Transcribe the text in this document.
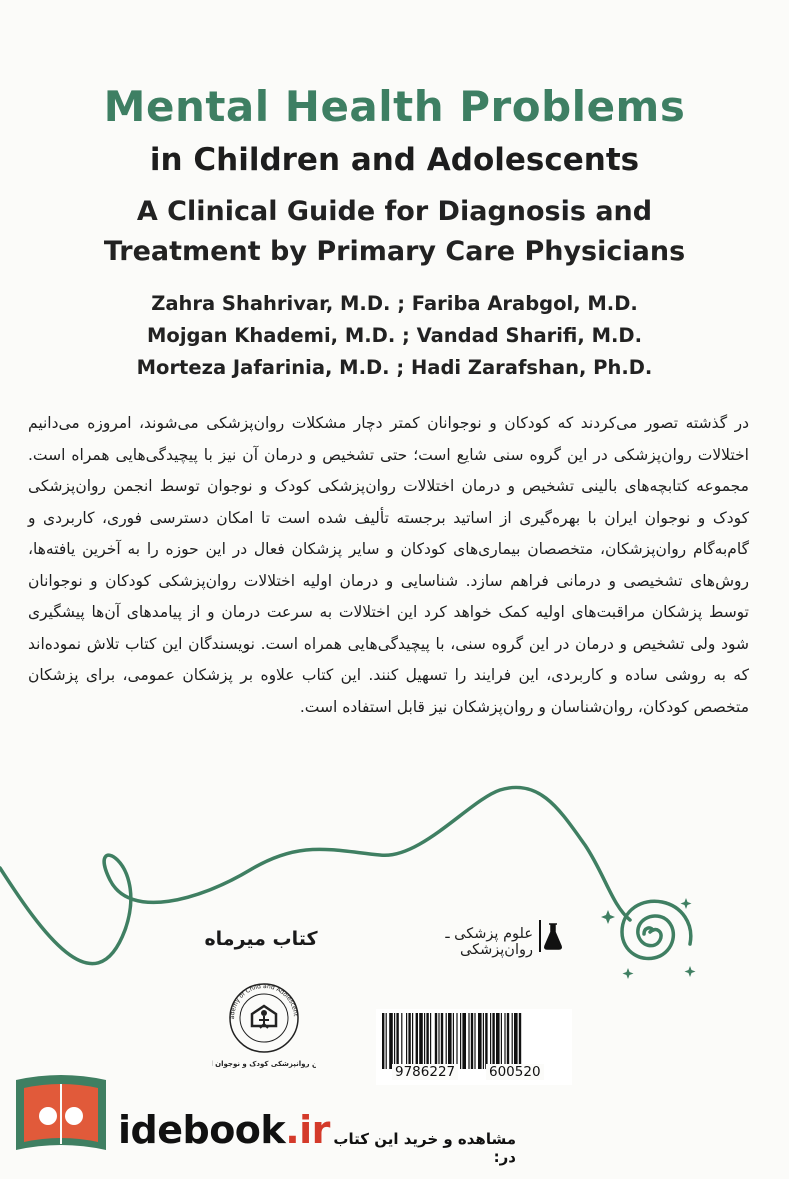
Mental Health Problems
in Children and Adolescents
A Clinical Guide for Diagnosis and
Treatment by Primary Care Physicians
Zahra Shahrivar, M.D. ; Fariba Arabgol, M.D.
Mojgan Khademi, M.D. ; Vandad Sharifi, M.D.
Morteza Jafarinia, M.D. ; Hadi Zarafshan, Ph.D.

در گذشته تصور می‌کردند که کودکان و نوجوانان کمتر دچار مشکلات روان‌پزشکی می‌شوند، امروزه می‌دانیم اختلالات روان‌پزشکی در این گروه سنی شایع است؛ حتی تشخیص و درمان آن نیز با پیچیدگی‌هایی همراه است. مجموعه کتابچه‌های بالینی تشخیص و درمان اختلالات روان‌پزشکی کودک و نوجوان توسط انجمن روان‌پزشکی کودک و نوجوان ایران با بهره‌گیری از اساتید برجسته تألیف شده است تا امکان دسترسی فوری، کاربردی و گام‌به‌گام روان‌پزشکان، متخصصان بیماری‌های کودکان و سایر پزشکان فعال در این حوزه را به آخرین یافته‌ها، روش‌های تشخیصی و درمانی فراهم سازد. شناسایی و درمان اولیه اختلالات روان‌پزشکی کودکان و نوجوانان توسط پزشکان مراقبت‌های اولیه کمک خواهد کرد این اختلالات به سرعت درمان و از پیامدهای آن‌ها پیشگیری شود ولی تشخیص و درمان در این گروه سنی، با پیچیدگی‌هایی همراه است. نویسندگان این کتاب تلاش نموده‌اند که به روشی ساده و کاربردی، این فرایند را تسهیل کنند. این کتاب علاوه بر پزشکان عمومی، برای پزشکان متخصص کودکان، روان‌شناسان و روان‌پزشکان نیز قابل استفاده است.

کتاب میرماه	علوم پزشکی ـ روان‌پزشکی
ademy of Child and Adolescent
ن روانپزشکی کودک و نوجوان	9786227	600520
idebook.ir مشاهده و خرید این کتاب در:
